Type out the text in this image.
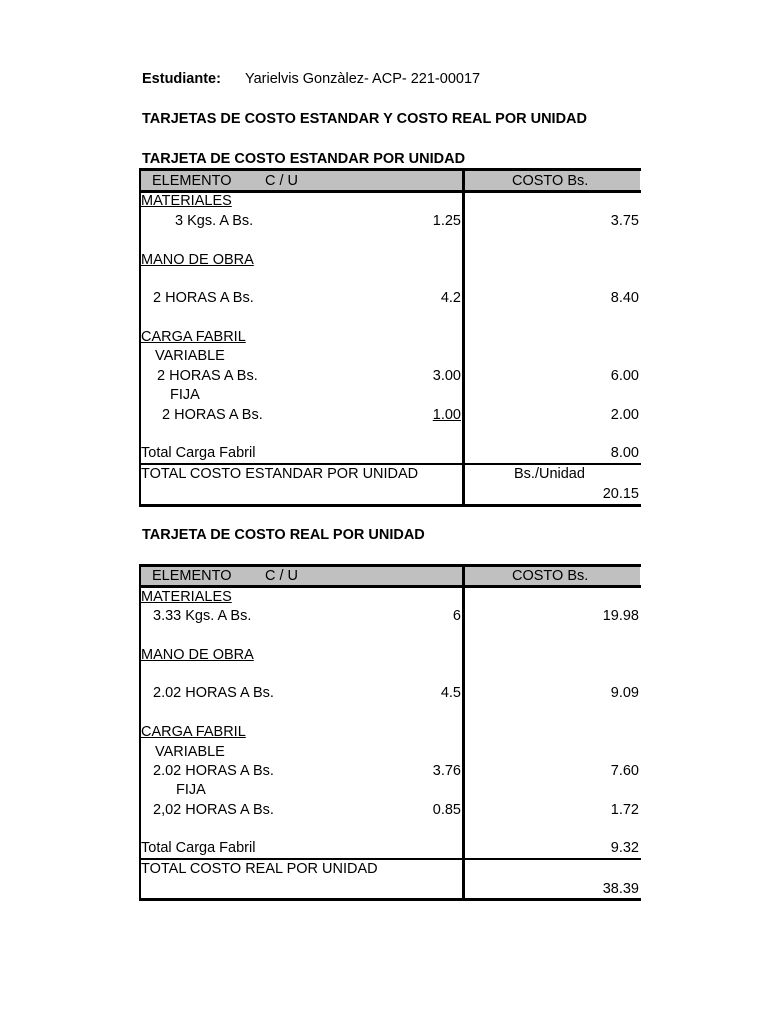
Estudiante: Yarielvis Gonzàlez- ACP- 221-00017
TARJETAS DE COSTO ESTANDAR Y COSTO REAL POR UNIDAD
TARJETA DE COSTO ESTANDAR POR UNIDAD
ELEMENTO C / U	COSTO Bs.
MATERIALES
3 Kgs. A Bs.	1.25	3.75
MANO DE OBRA
2 HORAS A Bs.	4.2	8.40
CARGA FABRIL
VARIABLE
2 HORAS A Bs.	3.00	6.00
FIJA
2 HORAS A Bs.	1.00	2.00
Total Carga Fabril	8.00
TOTAL COSTO ESTANDAR POR UNIDAD	Bs./Unidad
20.15
TARJETA DE COSTO REAL POR UNIDAD
ELEMENTO C / U	COSTO Bs.
MATERIALES
3.33 Kgs. A Bs.	6	19.98
MANO DE OBRA
2.02 HORAS A Bs.	4.5	9.09
CARGA FABRIL
VARIABLE
2.02 HORAS A Bs.	3.76	7.60
FIJA
2,02 HORAS A Bs.	0.85	1.72
Total Carga Fabril	9.32
TOTAL COSTO REAL POR UNIDAD
38.39
